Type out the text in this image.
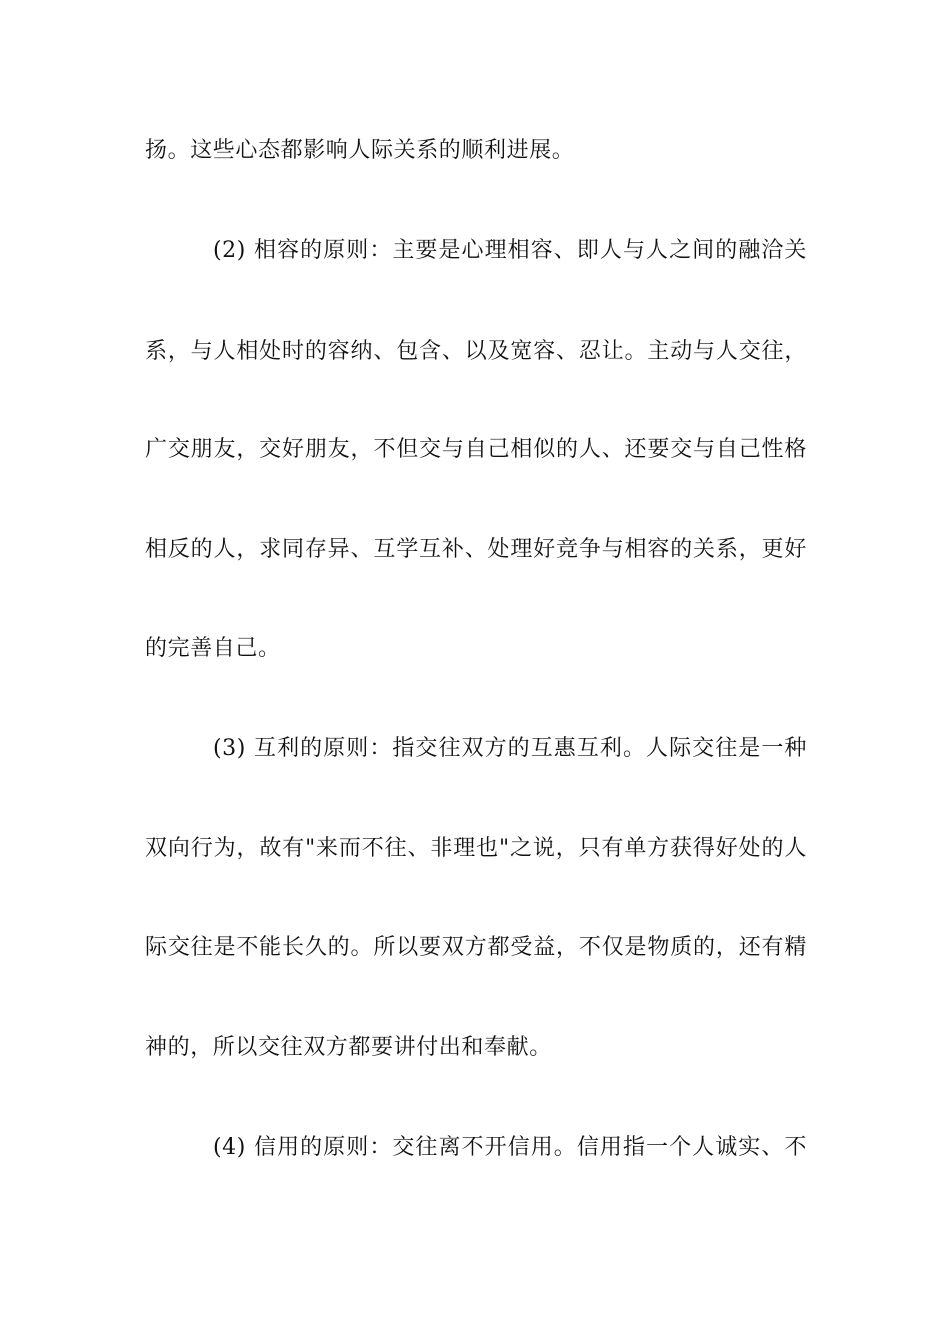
扬。这些心态都影响人际关系的顺利进展。

(2) 相容的原则：主要是心理相容、即人与人之间的融洽关

系，与人相处时的容纳、包含、以及宽容、忍让。主动与人交往，

广交朋友，交好朋友，不但交与自己相似的人、还要交与自己性格

相反的人，求同存异、互学互补、处理好竞争与相容的关系，更好

的完善自己。

(3) 互利的原则：指交往双方的互惠互利。人际交往是一种

双向行为，故有"来而不往、非理也"之说，只有单方获得好处的人

际交往是不能长久的。所以要双方都受益，不仅是物质的，还有精

神的，所以交往双方都要讲付出和奉献。

(4) 信用的原则：交往离不开信用。信用指一个人诚实、不
